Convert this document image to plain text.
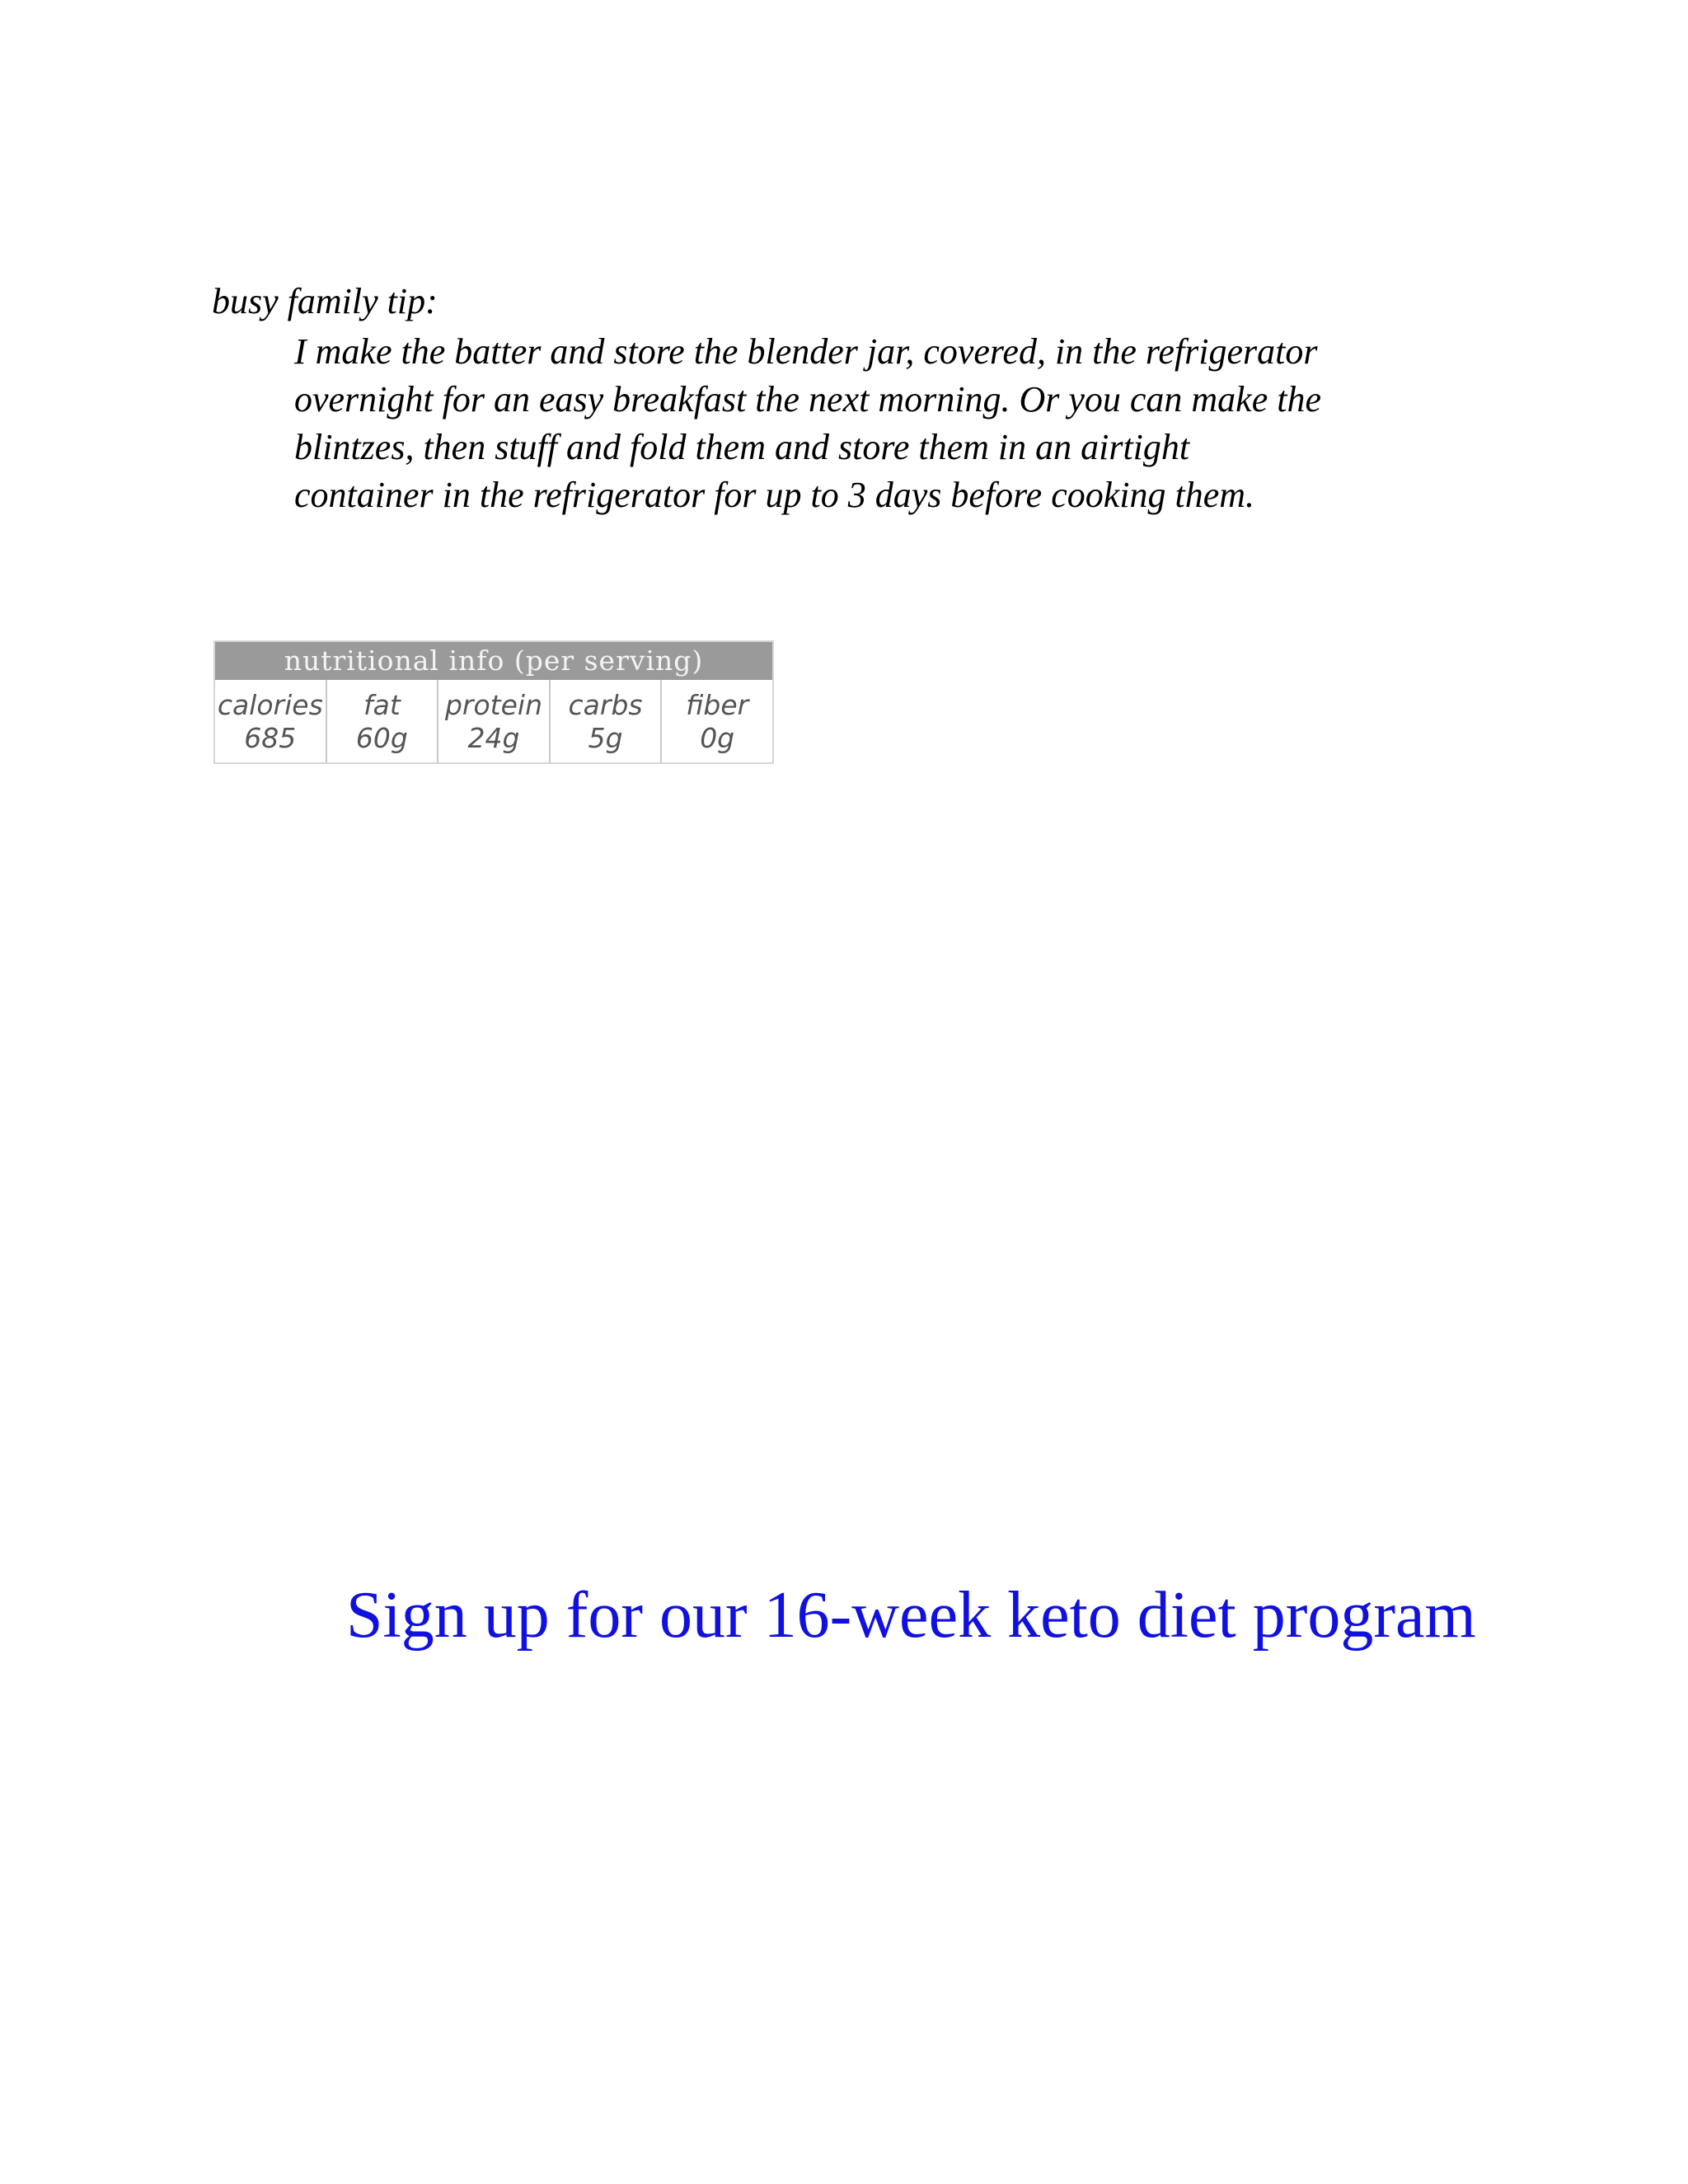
busy family tip:
I make the batter and store the blender jar, covered, in the refrigerator
overnight for an easy breakfast the next morning. Or you can make the
blintzes, then stuff and fold them and store them in an airtight
container in the refrigerator for up to 3 days before cooking them.
nutritional info (per serving)
calories
685
fat
60g
protein
24g
carbs
5g
fiber
0g
Sign up for our 16-week keto diet program
